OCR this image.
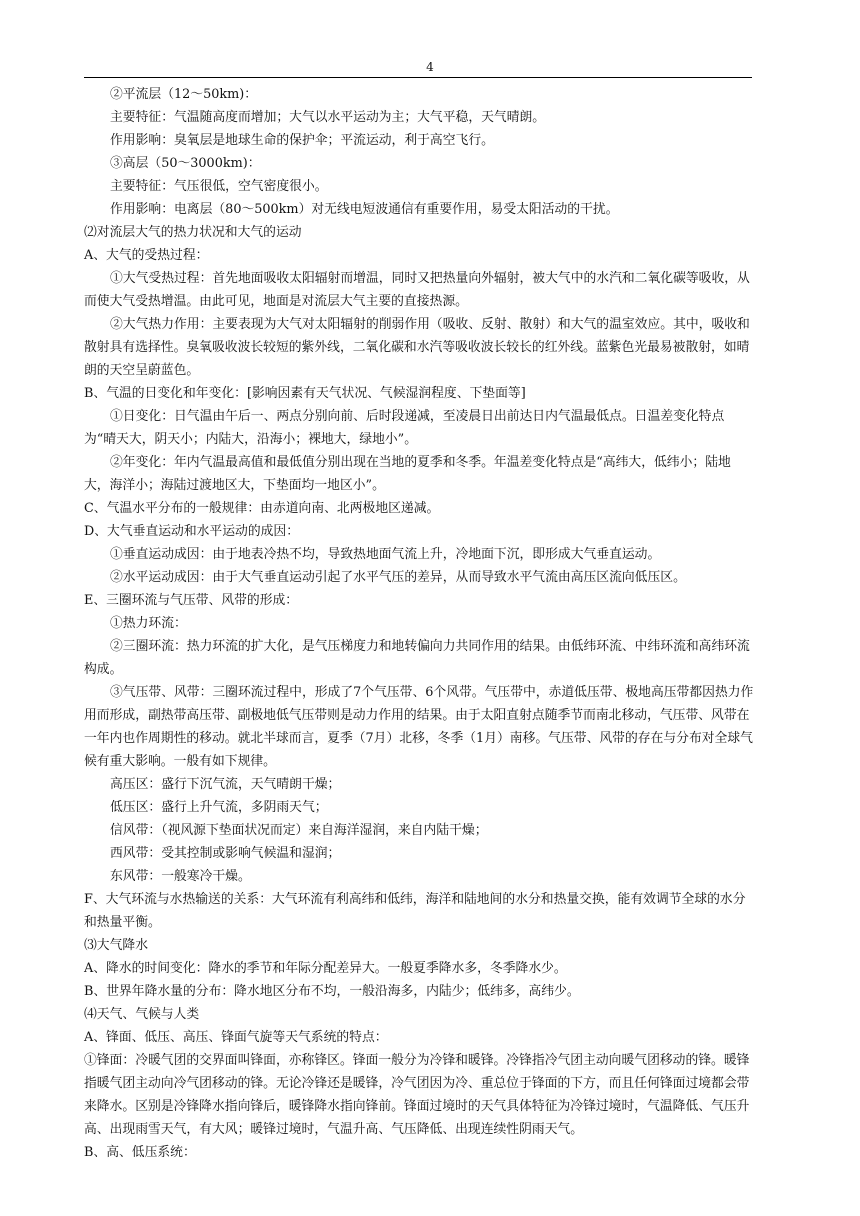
4

②平流层（12～50km)：

主要特征：气温随高度而增加；大气以水平运动为主；大气平稳，天气晴朗。

作用影响：臭氧层是地球生命的保护伞；平流运动，利于高空飞行。

③高层（50～3000km)：

主要特征：气压很低，空气密度很小。

作用影响：电离层（80～500km）对无线电短波通信有重要作用，易受太阳活动的干扰。

⑵对流层大气的热力状况和大气的运动

A、大气的受热过程：

①大气受热过程：首先地面吸收太阳辐射而增温，同时又把热量向外辐射，被大气中的水汽和二氧化碳等吸收，从而使大气受热增温。由此可见，地面是对流层大气主要的直接热源。

②大气热力作用：主要表现为大气对太阳辐射的削弱作用（吸收、反射、散射）和大气的温室效应。其中，吸收和散射具有选择性。臭氧吸收波长较短的紫外线，二氧化碳和水汽等吸收波长较长的红外线。蓝紫色光最易被散射，如晴朗的天空呈蔚蓝色。

B、气温的日变化和年变化：[影响因素有天气状况、气候湿润程度、下垫面等]

①日变化：日气温由午后一、两点分别向前、后时段递减，至凌晨日出前达日内气温最低点。日温差变化特点为“晴天大，阴天小；内陆大，沿海小；裸地大，绿地小”。

②年变化：年内气温最高值和最低值分别出现在当地的夏季和冬季。年温差变化特点是“高纬大，低纬小；陆地大，海洋小；海陆过渡地区大，下垫面均一地区小”。

C、气温水平分布的一般规律：由赤道向南、北两极地区递减。

D、大气垂直运动和水平运动的成因：

①垂直运动成因：由于地表冷热不均，导致热地面气流上升，冷地面下沉，即形成大气垂直运动。

②水平运动成因：由于大气垂直运动引起了水平气压的差异，从而导致水平气流由高压区流向低压区。

E、三圈环流与气压带、风带的形成：

①热力环流：

②三圈环流：热力环流的扩大化，是气压梯度力和地转偏向力共同作用的结果。由低纬环流、中纬环流和高纬环流构成。

③气压带、风带：三圈环流过程中，形成了7个气压带、6个风带。气压带中，赤道低压带、极地高压带都因热力作用而形成，副热带高压带、副极地低气压带则是动力作用的结果。由于太阳直射点随季节而南北移动，气压带、风带在一年内也作周期性的移动。就北半球而言，夏季（7月）北移，冬季（1月）南移。气压带、风带的存在与分布对全球气候有重大影响。一般有如下规律。

高压区：盛行下沉气流，天气晴朗干燥；

低压区：盛行上升气流，多阴雨天气；

信风带：（视风源下垫面状况而定）来自海洋湿润，来自内陆干燥；

西风带：受其控制或影响气候温和湿润；

东风带：一般寒冷干燥。

F、大气环流与水热输送的关系：大气环流有利高纬和低纬，海洋和陆地间的水分和热量交换，能有效调节全球的水分和热量平衡。

⑶大气降水

A、降水的时间变化：降水的季节和年际分配差异大。一般夏季降水多，冬季降水少。

B、世界年降水量的分布：降水地区分布不均，一般沿海多，内陆少；低纬多，高纬少。

⑷天气、气候与人类

A、锋面、低压、高压、锋面气旋等天气系统的特点：

①锋面：冷暖气团的交界面叫锋面，亦称锋区。锋面一般分为冷锋和暖锋。冷锋指冷气团主动向暖气团移动的锋。暖锋指暖气团主动向冷气团移动的锋。无论冷锋还是暖锋，冷气团因为冷、重总位于锋面的下方，而且任何锋面过境都会带来降水。区别是冷锋降水指向锋后，暖锋降水指向锋前。锋面过境时的天气具体特征为冷锋过境时，气温降低、气压升高、出现雨雪天气，有大风；暖锋过境时，气温升高、气压降低、出现连续性阴雨天气。

B、高、低压系统：
